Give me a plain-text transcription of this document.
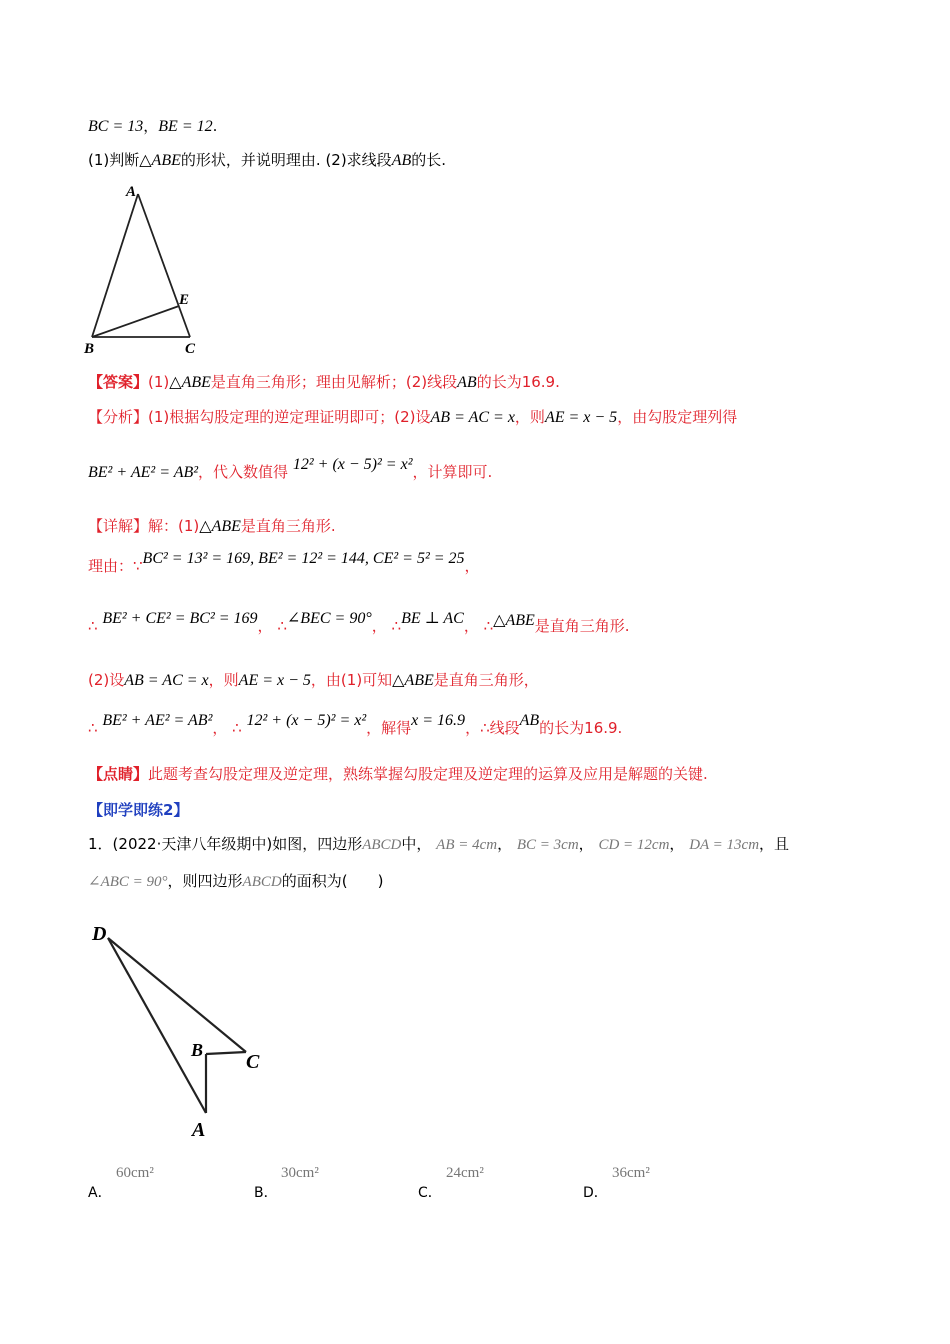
BC = 13，BE = 12.
(1)判断△ABE的形状，并说明理由. (2)求线段AB的长.
A
E
B	C
【答案】(1)△ABE是直角三角形；理由见解析；(2)线段AB的长为16.9.
【分析】(1)根据勾股定理的逆定理证明即可；(2)设AB = AC = x，则AE = x − 5，由勾股定理列得
BE² + AE² = AB²，代入数值得 12² + (x − 5)² = x²，计算即可.
【详解】解：(1)△ABE是直角三角形.
理由：∵BC² = 13² = 169, BE² = 12² = 144, CE² = 5² = 25，
∴ BE² + CE² = BC² = 169， ∴∠BEC = 90°， ∴BE ⊥ AC， ∴△ABE是直角三角形.
(2)设AB = AC = x，则AE = x − 5，由(1)可知△ABE是直角三角形，
∴ BE² + AE² = AB²， ∴ 12² + (x − 5)² = x²，解得x = 16.9，∴线段AB的长为16.9.
【点睛】此题考查勾股定理及逆定理，熟练掌握勾股定理及逆定理的运算及应用是解题的关键.
【即学即练2】
1．(2022·天津八年级期中)如图，四边形ABCD中， AB = 4cm， BC = 3cm， CD = 12cm， DA = 13cm，且
∠ABC = 90°，则四边形ABCD的面积为(　　)
D
B
C
A
A．
60cm²
B．
30cm²
C．
24cm²
D．
36cm²
